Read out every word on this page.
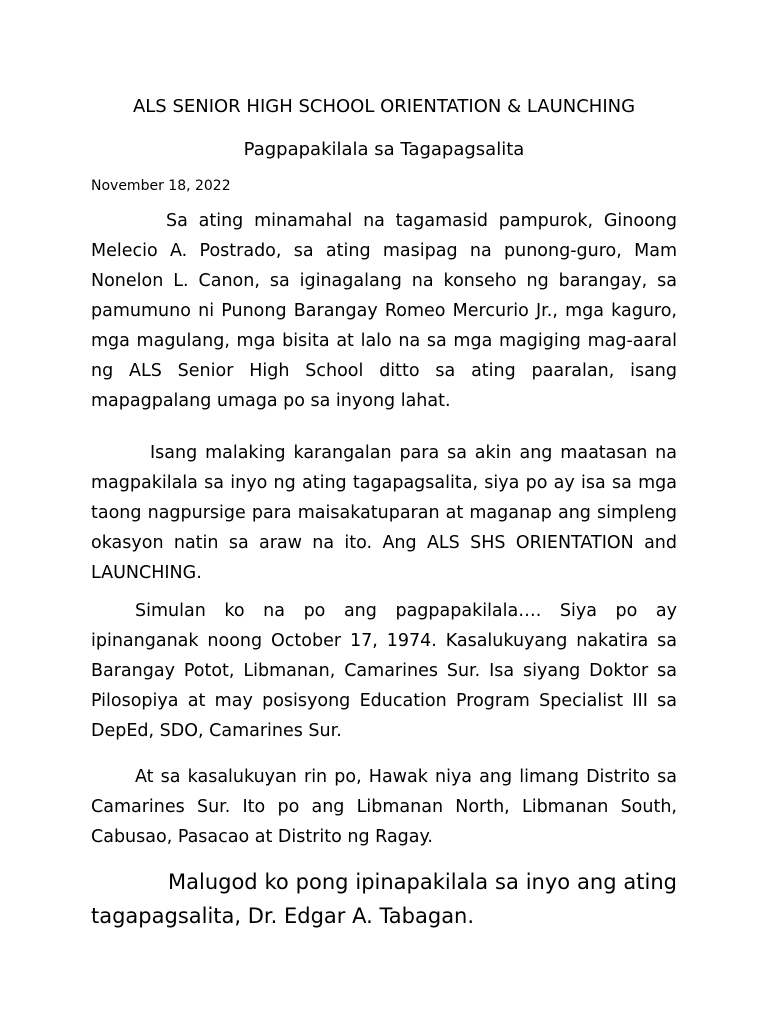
ALS SENIOR HIGH SCHOOL ORIENTATION & LAUNCHING
Pagpapakilala sa Tagapagsalita
November 18, 2022

Sa ating minamahal na tagamasid pampurok, Ginoong Melecio A. Postrado, sa ating masipag na punong-guro, Mam Nonelon L. Canon, sa iginagalang na konseho ng barangay, sa pamumuno ni Punong Barangay Romeo Mercurio Jr., mga kaguro, mga magulang, mga bisita at lalo na sa mga magiging mag-aaral ng ALS Senior High School ditto sa ating paaralan, isang mapagpalang umaga po sa inyong lahat.

Isang malaking karangalan para sa akin ang maatasan na magpakilala sa inyo ng ating tagapagsalita, siya po ay isa sa mga taong nagpursige para maisakatuparan at maganap ang simpleng okasyon natin sa araw na ito. Ang ALS SHS ORIENTATION and LAUNCHING.

Simulan ko na po ang pagpapakilala…. Siya po ay ipinanganak noong October 17, 1974. Kasalukuyang nakatira sa Barangay Potot, Libmanan, Camarines Sur. Isa siyang Doktor sa Pilosopiya at may posisyong Education Program Specialist III sa DepEd, SDO, Camarines Sur.

At sa kasalukuyan rin po, Hawak niya ang limang Distrito sa Camarines Sur. Ito po ang Libmanan North, Libmanan South, Cabusao, Pasacao at Distrito ng Ragay.

Malugod ko pong ipinapakilala sa inyo ang ating tagapagsalita, Dr. Edgar A. Tabagan.
